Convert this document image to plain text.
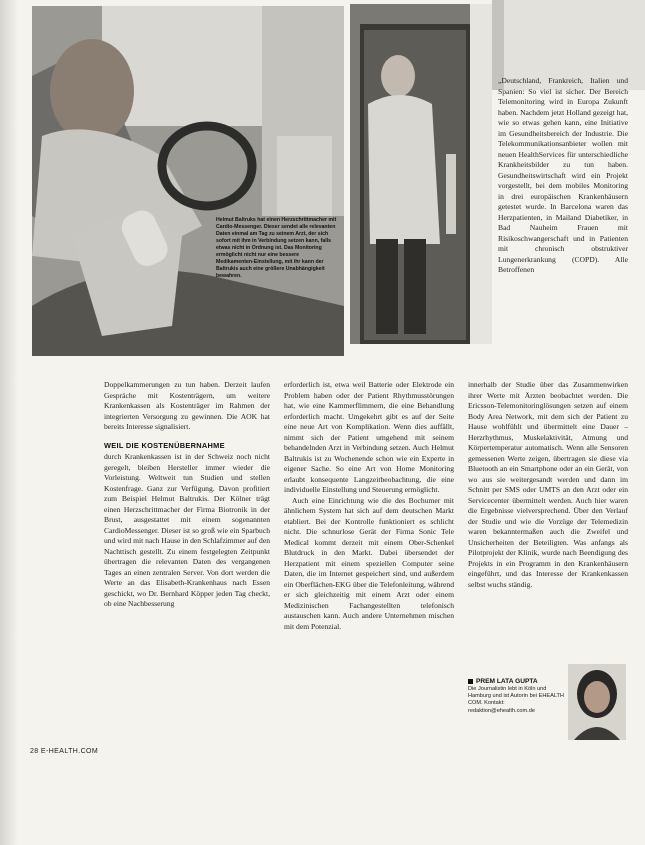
Helmut Baltruks hat einen Herzschrittmacher mit Cardio-Messenger. Dieser sendet alle relevanten Daten einmal am Tag zu seinem Arzt, der sich sofort mit ihm in Verbindung setzen kann, falls etwas nicht in Ordnung ist. Das Monitoring ermöglicht nicht nur eine bessere Medikamenten-Einstellung, mit ihr kann der Baltrukis auch eine größere Unabhängigkeit bewahren.

„Deutschland, Frankreich, Italien und Spanien: So viel ist sicher. Der Bereich Telemonitoring wird in Europa Zukunft haben. Nachdem jetzt Holland gezeigt hat, wie so etwas gehen kann, eine Initiative im Gesundheitsbereich der Industrie. Die Telekommunikationsanbieter wollen mit neuen HealthServices für unterschiedliche Krankheitsbilder zu tun haben. Gesundheitswirtschaft wird ein Projekt vorgestellt, bei dem mobiles Monitoring in drei europäischen Krankenhäusern getestet wurde. In Barcelona waren das Herzpatienten, in Mailand Diabetiker, in Bad Nauheim Frauen mit Risikoschwangerschaft und in Patienten mit chronisch obstruktiver Lungenerkrankung (COPD). Alle Betroffenen

Doppelkammerungen zu tun haben. Derzeit laufen Gespräche mit Kostenträgern, um weitere Krankenkassen als Kostenträger im Rahmen der integrierten Versorgung zu gewinnen. Die AOK hat bereits Interesse signalisiert.

WEIL DIE KOSTENÜBERNAHME

durch Krankenkassen ist in der Schweiz noch nicht geregelt, bleiben Hersteller immer wieder die Vorleistung. Weltweit tun Studien und stellen Kostenfrage. Ganz zur Verfügung. Davon profitiert zum Beispiel Helmut Baltrukis. Der Kölner trägt einen Herzschrittmacher der Firma Biotronik in der Brust, ausgestattet mit einem sogenannten CardioMessenger. Dieser ist so groß wie ein Sparbuch und wird mit nach Hause in den Schlafzimmer auf den Nachttisch gestellt. Zu einem festgelegten Zeitpunkt übertragen die relevanten Daten des vergangenen Tages an einen zentralen Server. Von dort werden die Werte an das Elisabeth-Krankenhaus nach Essen geschickt, wo Dr. Bernhard Köpper jeden Tag checkt, ob eine Nachbesserung

erforderlich ist, etwa weil Batterie oder Elektrode ein Problem haben oder der Patient Rhythmusstörungen hat, wie eine Kammerflimmern, die eine Behandlung erforderlich macht. Umgekehrt gibt es auf der Seite eine neue Art von Komplikation. Wenn dies auffällt, nimmt sich der Patient umgehend mit seinem behandelnden Arzt in Verbindung setzen. Auch Helmut Baltrukis ist zu Wochenende schon wie ein Experte in eigener Sache. So eine Art von Home Monitoring erlaubt konsequente Langzeitbeobachtung, die eine individuelle Einstellung und Steuerung ermöglicht.

Auch eine Einrichtung wie die des Bochumer mit ähnlichem System hat sich auf dem deutschen Markt etabliert. Bei der Kontrolle funktioniert es schlicht nicht. Die schnurlose Gerät der Firma Sonic Tele Medical kommt derzeit mit einem Ober-Schenkel Blutdruck in den Markt. Dabei übersendet der Herzpatient mit einem speziellen Computer seine Daten, die im Internet gespeichert sind, und außerdem ein Oberflächen-EKG über die Telefonleitung, während er sich gleichzeitig mit einem Arzt oder einem Medizinischen Fachangestellten telefonisch austauschen kann. Auch andere Unternehmen mischen mit dem Potenzial.

innerhalb der Studie über das Zusammenwirken ihrer Werte mit Ärzten beobachtet werden. Die Ericsson-Telemonitoringlösungen setzen auf einem Body Area Network, mit dem sich der Patient zu Hause wohlfühlt und übermittelt eine Dauer – Herzrhythmus, Muskelaktivität, Atmung und Körpertemperatur automatisch. Wenn alle Sensoren gemessenen Werte zeigen, übertragen sie diese via Bluetooth an ein Smartphone oder an ein Gerät, von wo aus sie weitergesandt werden und dann im Schnitt per SMS oder UMTS an den Arzt oder ein Servicecenter übermittelt werden. Auch hier waren die Ergebnisse vielversprechend. Über den Verlauf der Studie und wie die Vorzüge der Telemedizin waren bekanntermaßen auch die Zweifel und Unsicherheiten der Beteiligten. Was anfangs als Pilotprojekt der Klinik, wurde nach Beendigung des Projekts in ein Programm in den Krankenhäusern eingeführt, und das Interesse der Krankenkassen selbst wuchs ständig.

PREM LATA GUPTA
Die Journalistin lebt in Köln und Hamburg und ist Autorin bei EHEALTH COM. Kontakt: redaktion@ehealth.com.de
28 E-HEALTH.COM
